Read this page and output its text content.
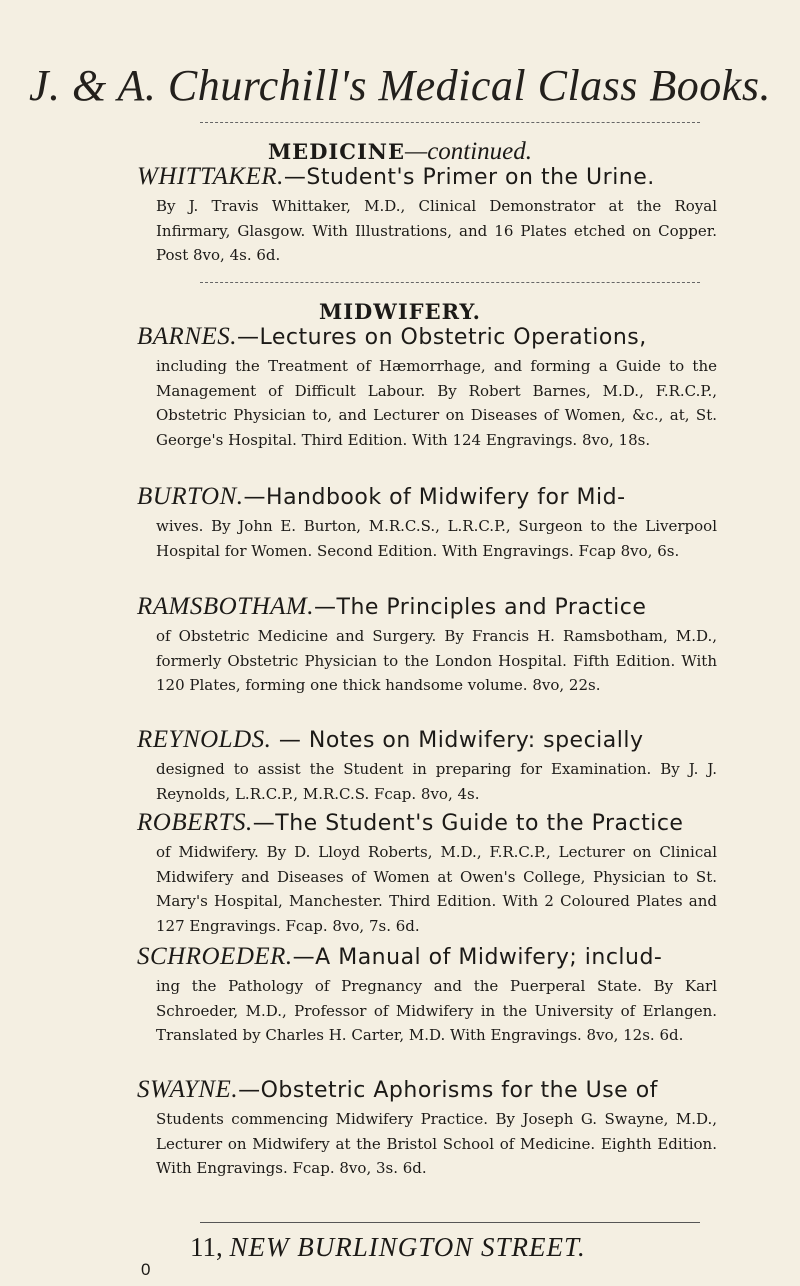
J. & A. Churchill's Medical Class Books.
MEDICINE—continued.

WHITTAKER.—Student's Primer on the Urine.

By J. Travis Whittaker, M.D., Clinical Demonstrator at the Royal Infirmary, Glasgow. With Illustrations, and 16 Plates etched on Copper. Post 8vo, 4s. 6d.

MIDWIFERY.

BARNES.—Lectures on Obstetric Operations,

including the Treatment of Hæmorrhage, and forming a Guide to the Management of Difficult Labour. By Robert Barnes, M.D., F.R.C.P., Obstetric Physician to, and Lecturer on Diseases of Women, &c., at, St. George's Hospital. Third Edition. With 124 Engravings. 8vo, 18s.

BURTON.—Handbook of Midwifery for Mid-

wives. By John E. Burton, M.R.C.S., L.R.C.P., Surgeon to the Liverpool Hospital for Women. Second Edition. With Engravings. Fcap 8vo, 6s.

RAMSBOTHAM.—The Principles and Practice

of Obstetric Medicine and Surgery. By Francis H. Ramsbotham, M.D., formerly Obstetric Physician to the London Hospital. Fifth Edition. With 120 Plates, forming one thick handsome volume. 8vo, 22s.

REYNOLDS. — Notes on Midwifery: specially

designed to assist the Student in preparing for Examination. By J. J. Reynolds, L.R.C.P., M.R.C.S. Fcap. 8vo, 4s.

ROBERTS.—The Student's Guide to the Practice

of Midwifery. By D. Lloyd Roberts, M.D., F.R.C.P., Lecturer on Clinical Midwifery and Diseases of Women at Owen's College, Physician to St. Mary's Hospital, Manchester. Third Edition. With 2 Coloured Plates and 127 Engravings. Fcap. 8vo, 7s. 6d.

SCHROEDER.—A Manual of Midwifery; includ-

ing the Pathology of Pregnancy and the Puerperal State. By Karl Schroeder, M.D., Professor of Midwifery in the University of Erlangen. Translated by Charles H. Carter, M.D. With Engravings. 8vo, 12s. 6d.

SWAYNE.—Obstetric Aphorisms for the Use of

Students commencing Midwifery Practice. By Joseph G. Swayne, M.D., Lecturer on Midwifery at the Bristol School of Medicine. Eighth Edition. With Engravings. Fcap. 8vo, 3s. 6d.

11, NEW BURLINGTON STREET.
0
